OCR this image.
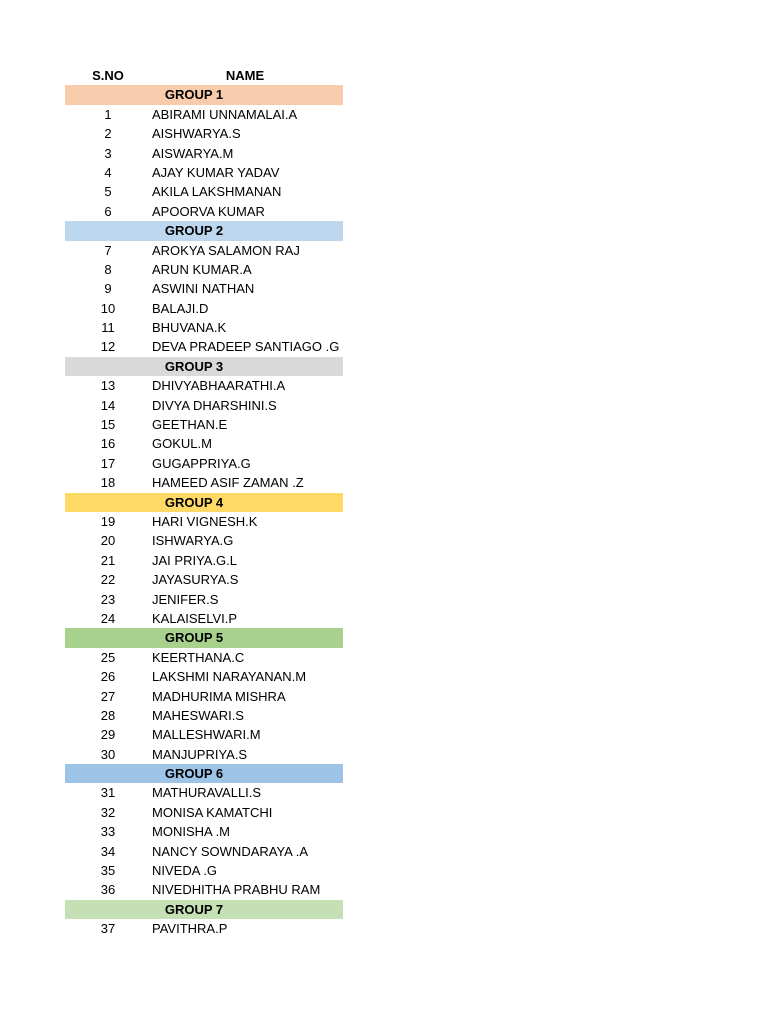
S.NO	NAME
GROUP 1
1	ABIRAMI UNNAMALAI.A
2	AISHWARYA.S
3	AISWARYA.M
4	AJAY KUMAR YADAV
5	AKILA LAKSHMANAN
6	APOORVA KUMAR
GROUP 2
7	AROKYA SALAMON RAJ
8	ARUN KUMAR.A
9	ASWINI NATHAN
10	BALAJI.D
11	BHUVANA.K
12	DEVA PRADEEP SANTIAGO .G
GROUP 3
13	DHIVYABHAARATHI.A
14	DIVYA DHARSHINI.S
15	GEETHAN.E
16	GOKUL.M
17	GUGAPPRIYA.G
18	HAMEED ASIF ZAMAN .Z
GROUP 4
19	HARI VIGNESH.K
20	ISHWARYA.G
21	JAI PRIYA.G.L
22	JAYASURYA.S
23	JENIFER.S
24	KALAISELVI.P
GROUP 5
25	KEERTHANA.C
26	LAKSHMI NARAYANAN.M
27	MADHURIMA MISHRA
28	MAHESWARI.S
29	MALLESHWARI.M
30	MANJUPRIYA.S
GROUP 6
31	MATHURAVALLI.S
32	MONISA KAMATCHI
33	MONISHA .M
34	NANCY SOWNDARAYA .A
35	NIVEDA .G
36	NIVEDHITHA PRABHU RAM
GROUP 7
37	PAVITHRA.P
